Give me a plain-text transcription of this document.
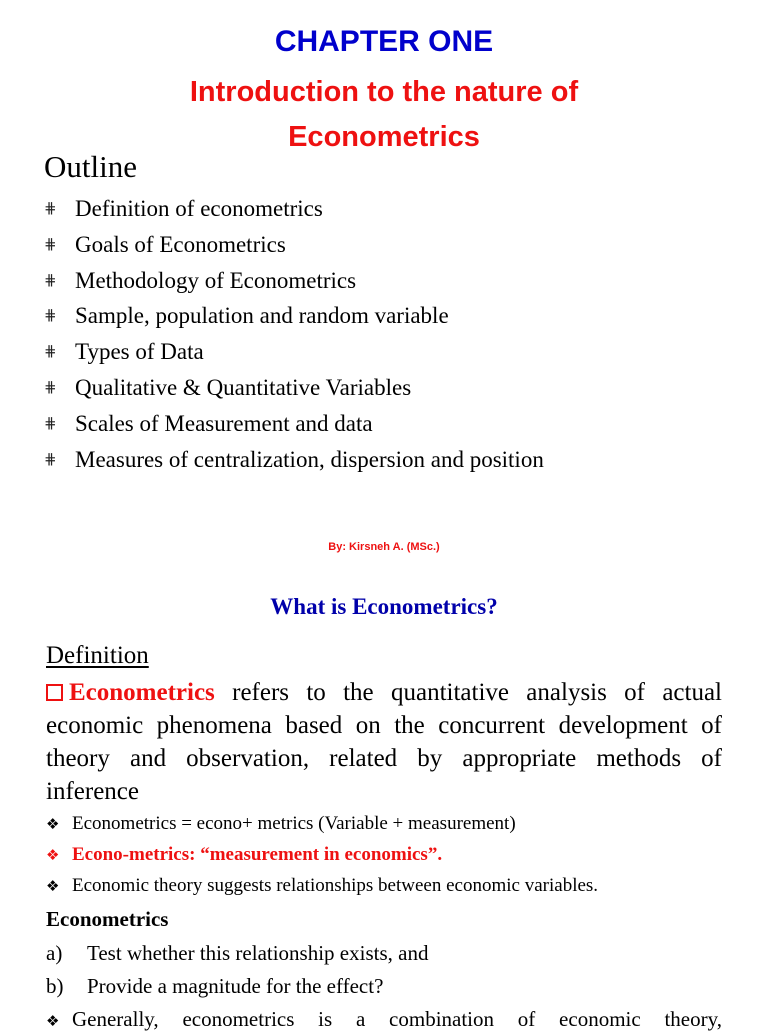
CHAPTER ONE
Introduction to the nature of
Econometrics
Outline
⋕ Definition of econometrics
⋕ Goals of Econometrics
⋕ Methodology of Econometrics
⋕ Sample, population and random variable
⋕ Types of Data
⋕ Qualitative & Quantitative Variables
⋕ Scales of Measurement and data
⋕ Measures of centralization, dispersion and position
By: Kirsneh A. (MSc.)
What is Econometrics?
Definition
Econometrics refers to the quantitative analysis of actual economic phenomena based on the concurrent development of theory and observation, related by appropriate methods of inference
❖ Econometrics = econo+ metrics (Variable + measurement)
❖ Econo-metrics: “measurement in economics”.
❖ Economic theory suggests relationships between economic variables.
Econometrics
a) Test whether this relationship exists, and
b) Provide a magnitude for the effect?
❖ Generally, econometrics is a combination of economic theory,
